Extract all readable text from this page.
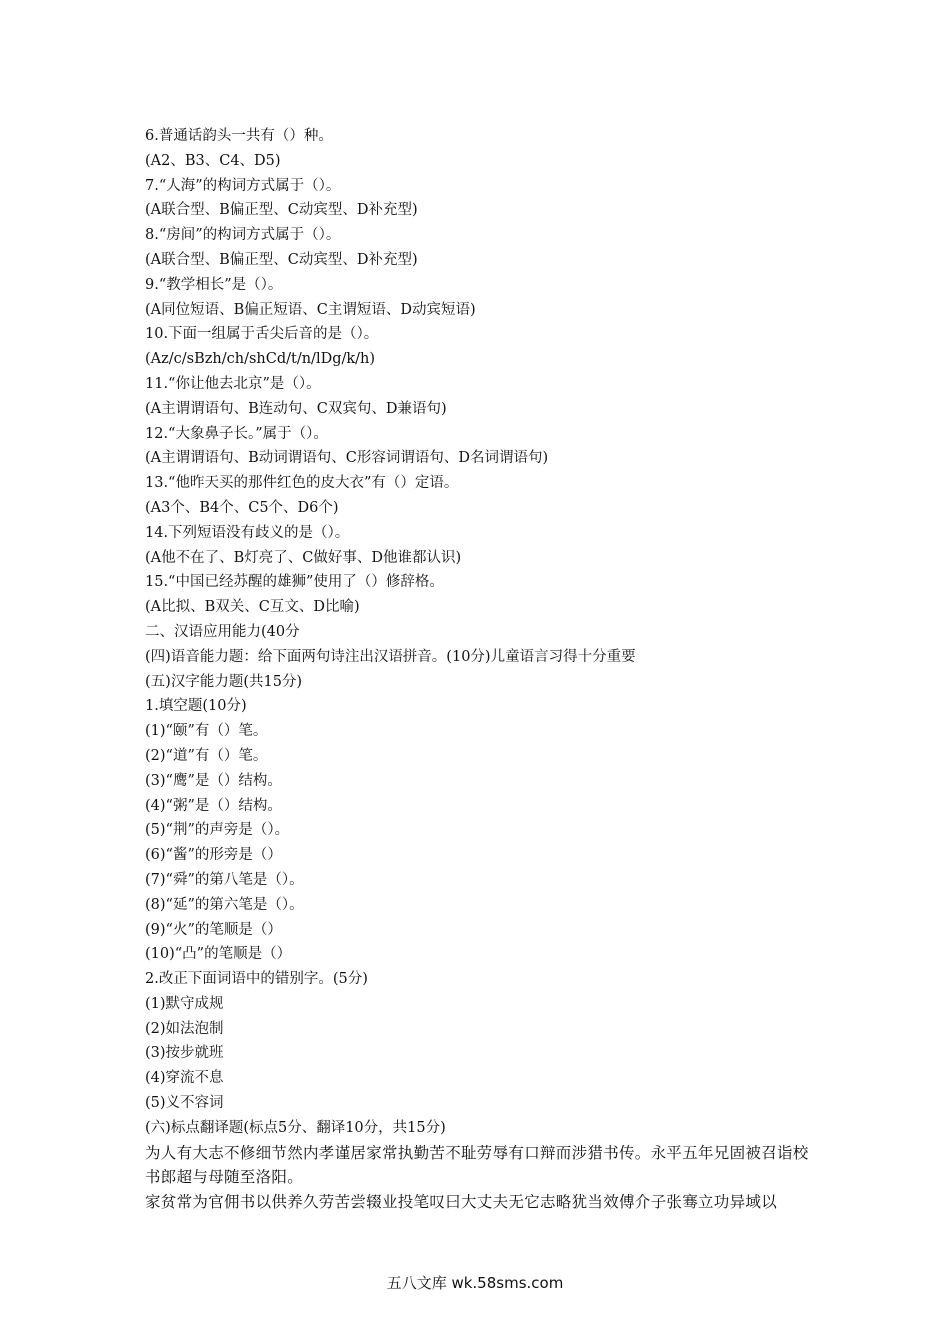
6.普通话韵头一共有（）种。
(A2、B3、C4、D5)
7.“人海”的构词方式属于（）。
(A联合型、B偏正型、C动宾型、D补充型)
8.“房间”的构词方式属于（）。
(A联合型、B偏正型、C动宾型、D补充型)
9.“教学相长”是（）。
(A同位短语、B偏正短语、C主谓短语、D动宾短语)
10.下面一组属于舌尖后音的是（）。
(Az/c/sBzh/ch/shCd/t/n/lDg/k/h)
11.“你让他去北京”是（）。
(A主谓谓语句、B连动句、C双宾句、D兼语句)
12.“大象鼻子长。”属于（）。
(A主谓谓语句、B动词谓语句、C形容词谓语句、D名词谓语句)
13.“他昨天买的那件红色的皮大衣”有（）定语。
(A3个、B4个、C5个、D6个)
14.下列短语没有歧义的是（）。
(A他不在了、B灯亮了、C做好事、D他谁都认识)
15.“中国已经苏醒的雄狮”使用了（）修辞格。
(A比拟、B双关、C互文、D比喻)
二、汉语应用能力(40分
(四)语音能力题：给下面两句诗注出汉语拼音。(10分)儿童语言习得十分重要
(五)汉字能力题(共15分)
1.填空题(10分)
(1)“颐”有（）笔。
(2)“道”有（）笔。
(3)“鹰”是（）结构。
(4)“粥”是（）结构。
(5)“荆”的声旁是（）。
(6)“酱”的形旁是（）
(7)“舜”的第八笔是（）。
(8)“延”的第六笔是（）。
(9)“火”的笔顺是（）
(10)“凸”的笔顺是（）
2.改正下面词语中的错别字。(5分)
(1)默守成规
(2)如法泡制
(3)按步就班
(4)穿流不息
(5)义不容词
(六)标点翻译题(标点5分、翻译10分，共15分)
为人有大志不修细节然内孝谨居家常执勤苦不耻劳辱有口辩而涉猎书传。永平五年兄固被召诣校书郎超与母随至洛阳。
家贫常为官佣书以供养久劳苦尝辍业投笔叹曰大丈夫无它志略犹当效傅介子张骞立功异域以
五八文库 wk.58sms.com
